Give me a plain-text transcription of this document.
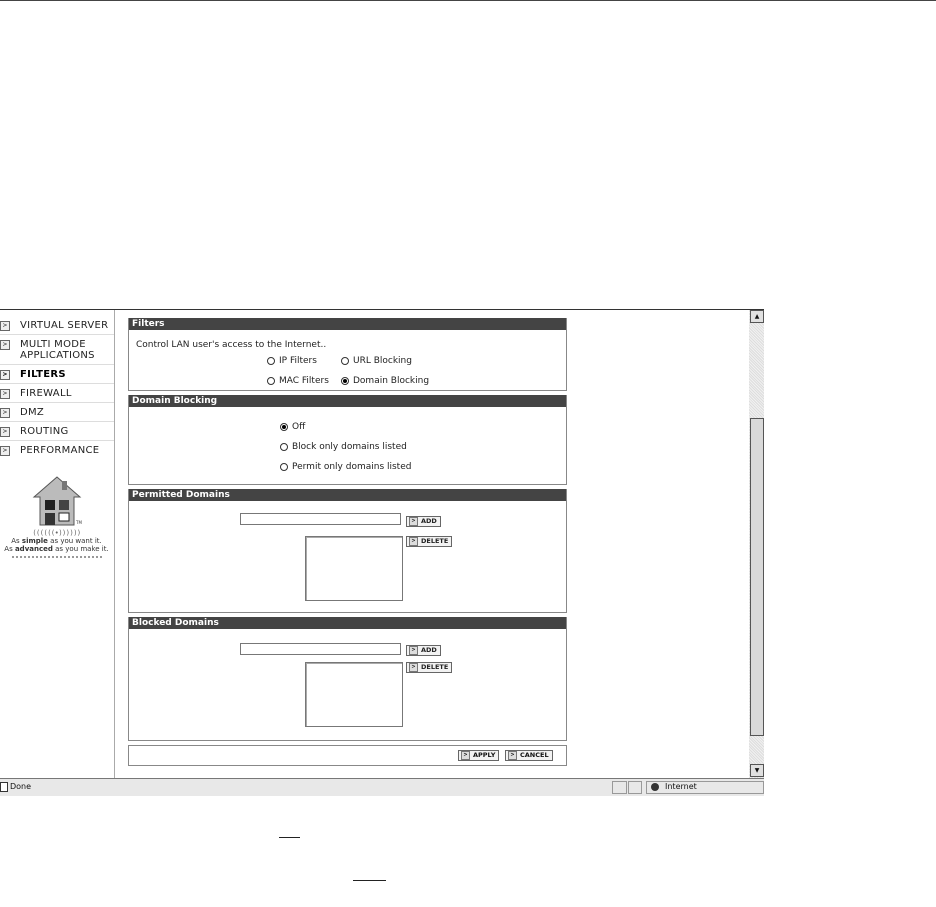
> VIRTUAL SERVER
> MULTI MODE APPLICATIONS
> FILTERS
> FIREWALL
> DMZ
> ROUTING
> PERFORMANCE
TM
((((((•))))))
As simple as you want it.
As advanced as you make it.
Filters
Control LAN user's access to the Internet..
IP Filters	URL Blocking
MAC Filters	Domain Blocking
Domain Blocking
Off
Block only domains listed
Permit only domains listed
Permitted Domains
> ADD
> DELETE
Blocked Domains
> ADD
> DELETE
> APPLY	> CANCEL
▲
▼
Done	Internet
